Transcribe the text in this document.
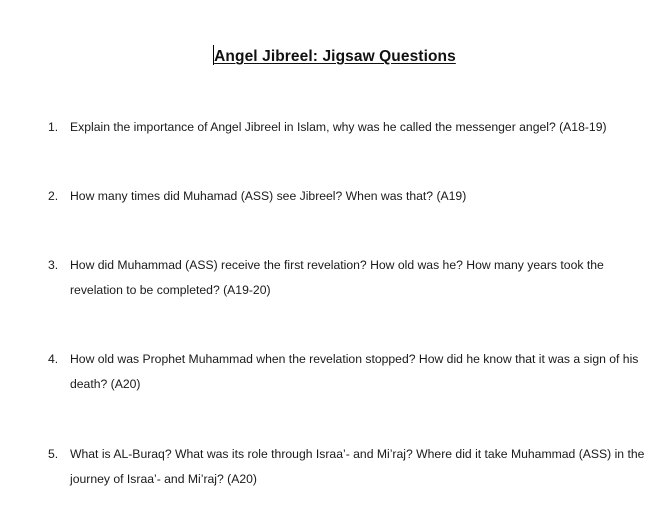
Angel Jibreel: Jigsaw Questions
1. Explain the importance of Angel Jibreel in Islam, why was he called the messenger angel? (A18-19)
2. How many times did Muhamad (ASS) see Jibreel? When was that? (A19)
3. How did Muhammad (ASS) receive the first revelation? How old was he? How many years took the revelation to be completed? (A19-20)
4. How old was Prophet Muhammad when the revelation stopped? How did he know that it was a sign of his death? (A20)
5. What is AL-Buraq? What was its role through Israa’- and Mi’raj? Where did it take Muhammad (ASS) in the journey of Israa’- and Mi’raj? (A20)
